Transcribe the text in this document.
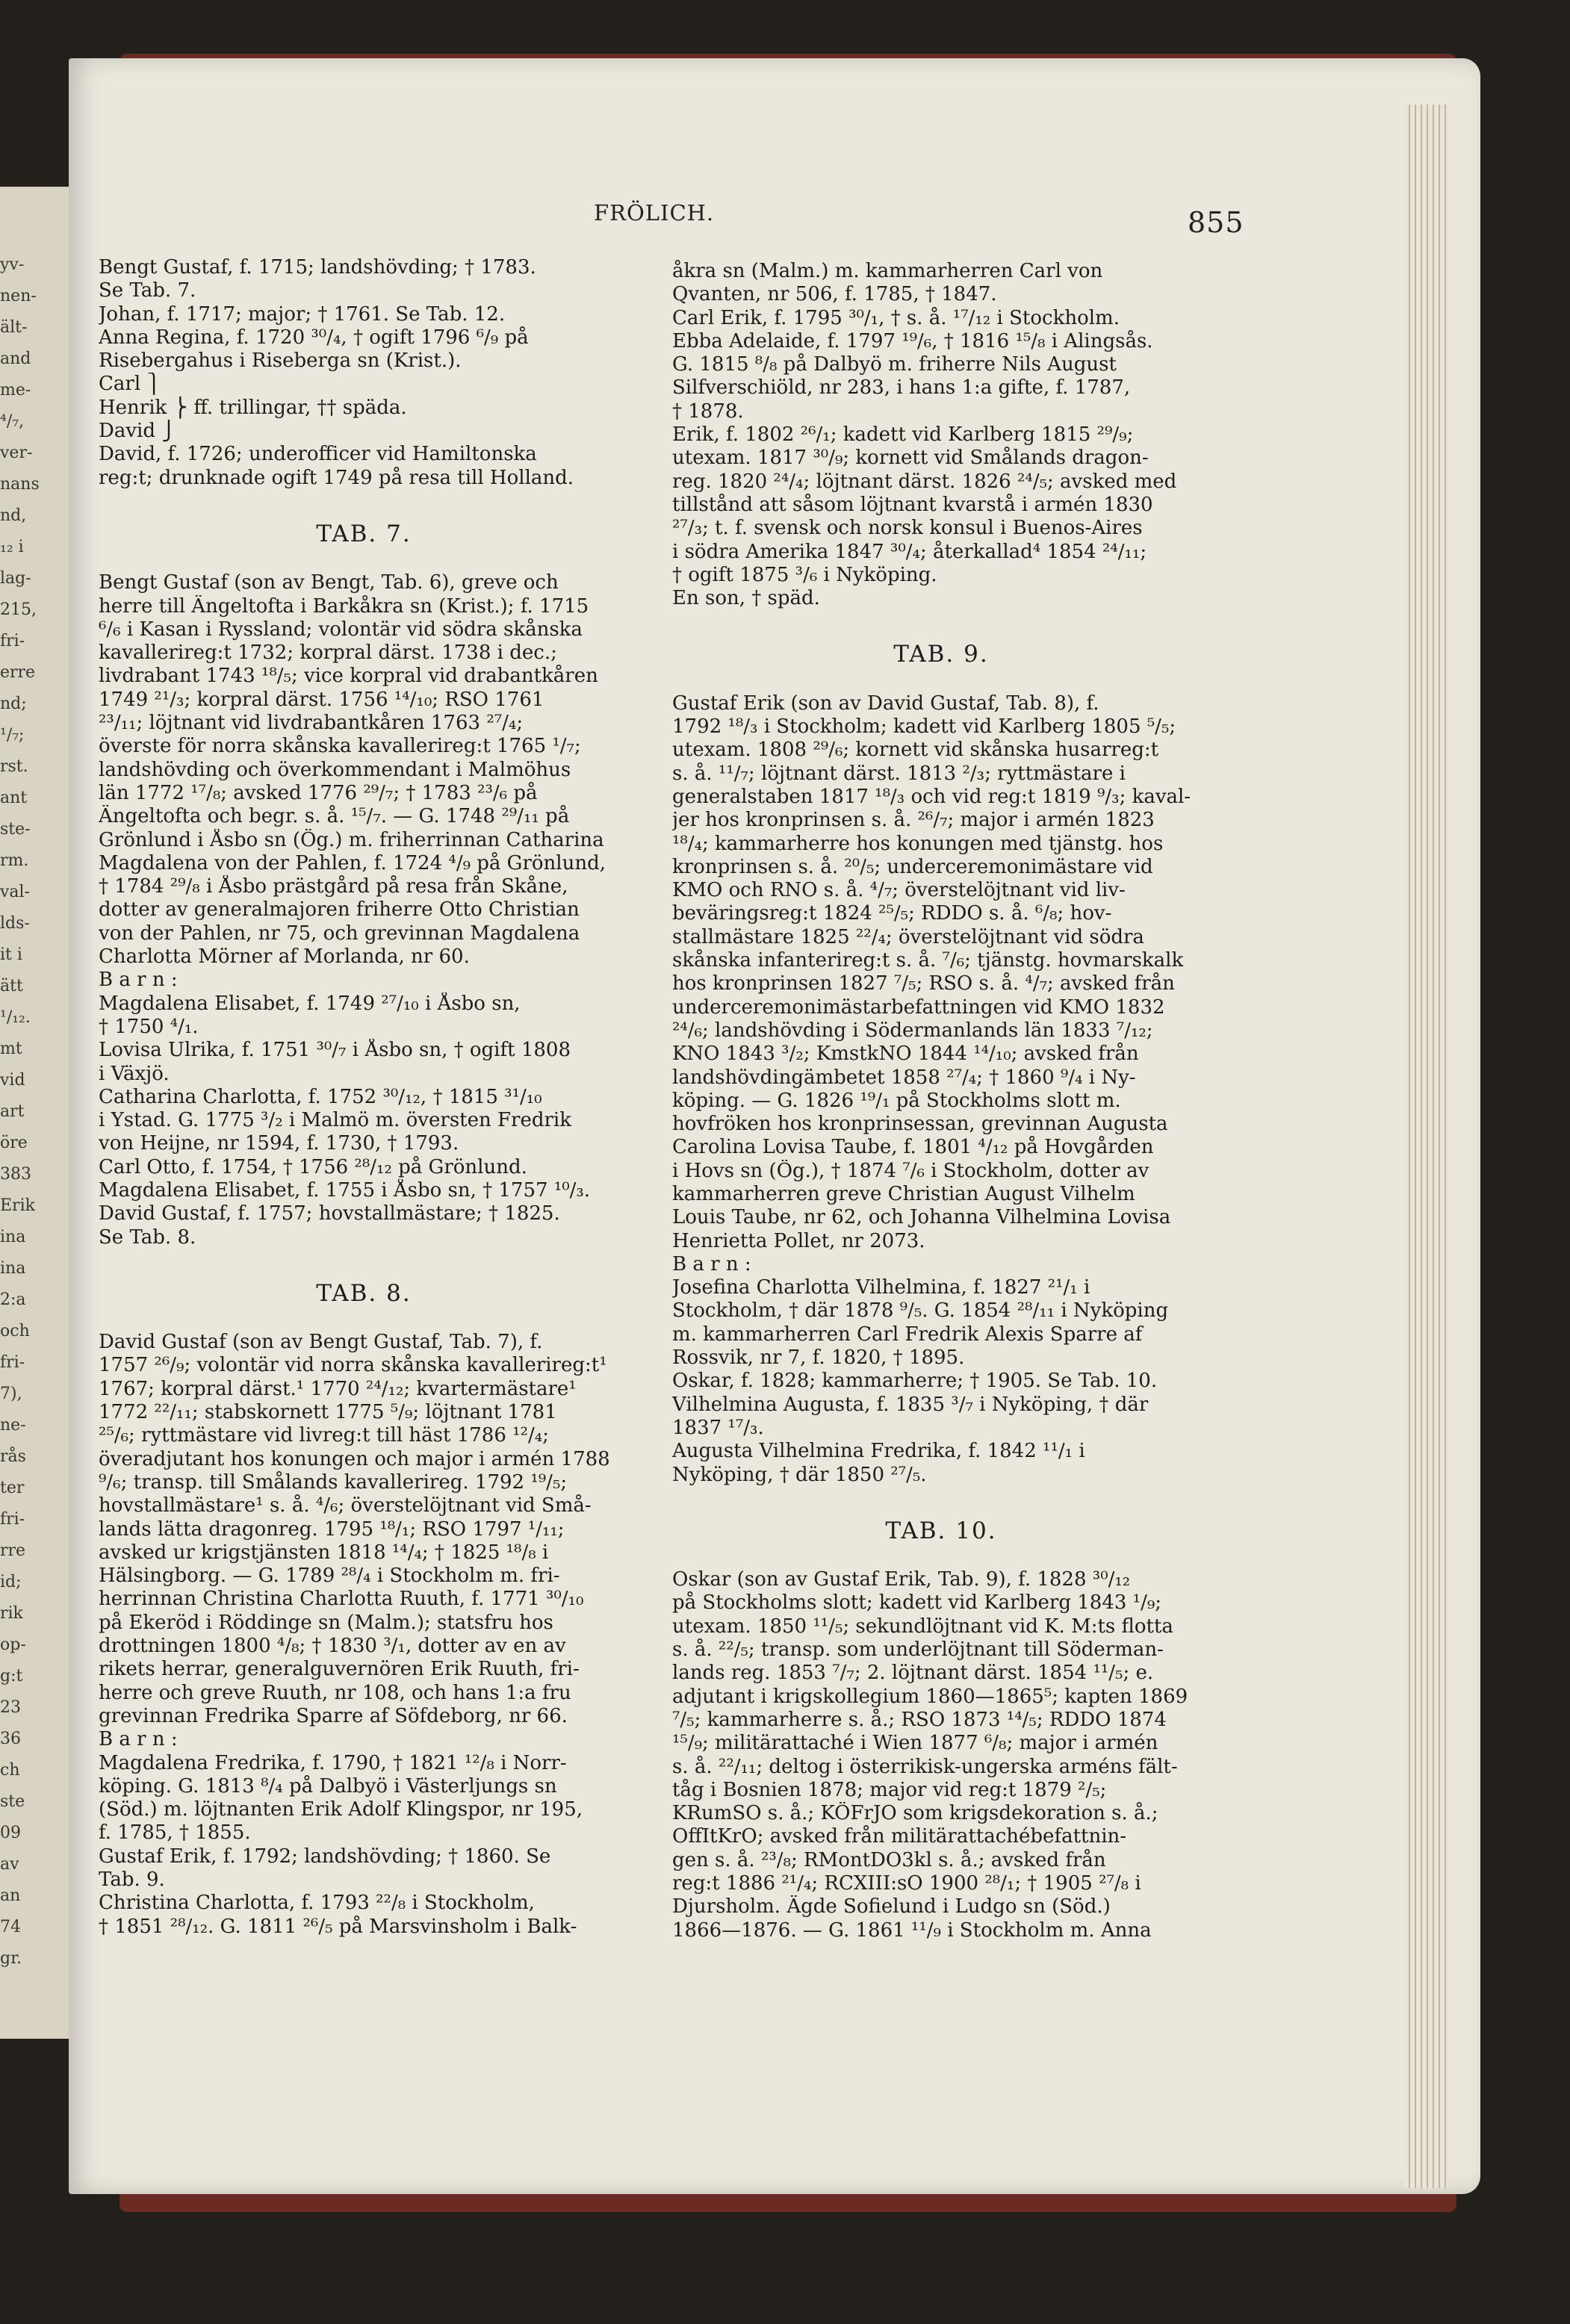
yv-
nen-
ält-
and
me-
⁴/₇,
ver-
nans
nd,
₁₂ i
lag-
215,
fri-
erre
nd;
¹/₇;
rst.
ant
ste-
rm.
val-
lds-
it i
ätt
¹/₁₂.
mt
vid
art
öre
383
Erik
ina
ina
2:a
och
fri-
7),
ne-
rås
ter
fri-
rre
id;
rik
op-
g:t
23
36
ch
ste
09
av
an
74
gr.
FRÖLICH.	855
Bengt Gustaf, f. 1715; landshövding; † 1783.
Se Tab. 7.
Johan, f. 1717; major; † 1761. Se Tab. 12.
Anna Regina, f. 1720 ³⁰/₄, † ogift 1796 ⁶/₉ på
Risebergahus i Riseberga sn (Krist.).
Carl ⎫
Henrik ⎬ ff. trillingar, †† späda.
David ⎭
David, f. 1726; underofficer vid Hamiltonska
reg:t; drunknade ogift 1749 på resa till Holland.
TAB. 7.
Bengt Gustaf (son av Bengt, Tab. 6), greve och
herre till Ängeltofta i Barkåkra sn (Krist.); f. 1715
⁶/₆ i Kasan i Ryssland; volontär vid södra skånska
kavallerireg:t 1732; korpral därst. 1738 i dec.;
livdrabant 1743 ¹⁸/₅; vice korpral vid drabantkåren
1749 ²¹/₃; korpral därst. 1756 ¹⁴/₁₀; RSO 1761
²³/₁₁; löjtnant vid livdrabantkåren 1763 ²⁷/₄;
överste för norra skånska kavallerireg:t 1765 ¹/₇;
landshövding och överkommendant i Malmöhus
län 1772 ¹⁷/₈; avsked 1776 ²⁹/₇; † 1783 ²³/₆ på
Ängeltofta och begr. s. å. ¹⁵/₇. — G. 1748 ²⁹/₁₁ på
Grönlund i Åsbo sn (Ög.) m. friherrinnan Catharina
Magdalena von der Pahlen, f. 1724 ⁴/₉ på Grönlund,
† 1784 ²⁹/₈ i Åsbo prästgård på resa från Skåne,
dotter av generalmajoren friherre Otto Christian
von der Pahlen, nr 75, och grevinnan Magdalena
Charlotta Mörner af Morlanda, nr 60.
B a r n :
Magdalena Elisabet, f. 1749 ²⁷/₁₀ i Åsbo sn,
† 1750 ⁴/₁.
Lovisa Ulrika, f. 1751 ³⁰/₇ i Åsbo sn, † ogift 1808
i Växjö.
Catharina Charlotta, f. 1752 ³⁰/₁₂, † 1815 ³¹/₁₀
i Ystad. G. 1775 ³/₂ i Malmö m. översten Fredrik
von Heijne, nr 1594, f. 1730, † 1793.
Carl Otto, f. 1754, † 1756 ²⁸/₁₂ på Grönlund.
Magdalena Elisabet, f. 1755 i Åsbo sn, † 1757 ¹⁰/₃.
David Gustaf, f. 1757; hovstallmästare; † 1825.
Se Tab. 8.
TAB. 8.
David Gustaf (son av Bengt Gustaf, Tab. 7), f.
1757 ²⁶/₉; volontär vid norra skånska kavallerireg:t¹
1767; korpral därst.¹ 1770 ²⁴/₁₂; kvartermästare¹
1772 ²²/₁₁; stabskornett 1775 ⁵/₉; löjtnant 1781
²⁵/₆; ryttmästare vid livreg:t till häst 1786 ¹²/₄;
överadjutant hos konungen och major i armén 1788
⁹/₆; transp. till Smålands kavallerireg. 1792 ¹⁹/₅;
hovstallmästare¹ s. å. ⁴/₆; överstelöjtnant vid Små-
lands lätta dragonreg. 1795 ¹⁸/₁; RSO 1797 ¹/₁₁;
avsked ur krigstjänsten 1818 ¹⁴/₄; † 1825 ¹⁸/₈ i
Hälsingborg. — G. 1789 ²⁸/₄ i Stockholm m. fri-
herrinnan Christina Charlotta Ruuth, f. 1771 ³⁰/₁₀
på Ekeröd i Röddinge sn (Malm.); statsfru hos
drottningen 1800 ⁴/₈; † 1830 ³/₁, dotter av en av
rikets herrar, generalguvernören Erik Ruuth, fri-
herre och greve Ruuth, nr 108, och hans 1:a fru
grevinnan Fredrika Sparre af Söfdeborg, nr 66.
B a r n :
Magdalena Fredrika, f. 1790, † 1821 ¹²/₈ i Norr-
köping. G. 1813 ⁸/₄ på Dalbyö i Västerljungs sn
(Söd.) m. löjtnanten Erik Adolf Klingspor, nr 195,
f. 1785, † 1855.
Gustaf Erik, f. 1792; landshövding; † 1860. Se
Tab. 9.
Christina Charlotta, f. 1793 ²²/₈ i Stockholm,
† 1851 ²⁸/₁₂. G. 1811 ²⁶/₅ på Marsvinsholm i Balk-
åkra sn (Malm.) m. kammarherren Carl von
Qvanten, nr 506, f. 1785, † 1847.
Carl Erik, f. 1795 ³⁰/₁, † s. å. ¹⁷/₁₂ i Stockholm.
Ebba Adelaide, f. 1797 ¹⁹/₆, † 1816 ¹⁵/₈ i Alingsås.
G. 1815 ⁸/₈ på Dalbyö m. friherre Nils August
Silfverschiöld, nr 283, i hans 1:a gifte, f. 1787,
† 1878.
Erik, f. 1802 ²⁶/₁; kadett vid Karlberg 1815 ²⁹/₉;
utexam. 1817 ³⁰/₉; kornett vid Smålands dragon-
reg. 1820 ²⁴/₄; löjtnant därst. 1826 ²⁴/₅; avsked med
tillstånd att såsom löjtnant kvarstå i armén 1830
²⁷/₃; t. f. svensk och norsk konsul i Buenos-Aires
i södra Amerika 1847 ³⁰/₄; återkallad⁴ 1854 ²⁴/₁₁;
† ogift 1875 ³/₆ i Nyköping.
En son, † späd.
TAB. 9.
Gustaf Erik (son av David Gustaf, Tab. 8), f.
1792 ¹⁸/₃ i Stockholm; kadett vid Karlberg 1805 ⁵/₅;
utexam. 1808 ²⁹/₆; kornett vid skånska husarreg:t
s. å. ¹¹/₇; löjtnant därst. 1813 ²/₃; ryttmästare i
generalstaben 1817 ¹⁸/₃ och vid reg:t 1819 ⁹/₃; kaval-
jer hos kronprinsen s. å. ²⁶/₇; major i armén 1823
¹⁸/₄; kammarherre hos konungen med tjänstg. hos
kronprinsen s. å. ²⁰/₅; underceremonimästare vid
KMO och RNO s. å. ⁴/₇; överstelöjtnant vid liv-
beväringsreg:t 1824 ²⁵/₅; RDDO s. å. ⁶/₈; hov-
stallmästare 1825 ²²/₄; överstelöjtnant vid södra
skånska infanterireg:t s. å. ⁷/₆; tjänstg. hovmarskalk
hos kronprinsen 1827 ⁷/₅; RSO s. å. ⁴/₇; avsked från
underceremonimästarbefattningen vid KMO 1832
²⁴/₆; landshövding i Södermanlands län 1833 ⁷/₁₂;
KNO 1843 ³/₂; KmstkNO 1844 ¹⁴/₁₀; avsked från
landshövdingämbetet 1858 ²⁷/₄; † 1860 ⁹/₄ i Ny-
köping. — G. 1826 ¹⁹/₁ på Stockholms slott m.
hovfröken hos kronprinsessan, grevinnan Augusta
Carolina Lovisa Taube, f. 1801 ⁴/₁₂ på Hovgården
i Hovs sn (Ög.), † 1874 ⁷/₆ i Stockholm, dotter av
kammarherren greve Christian August Vilhelm
Louis Taube, nr 62, och Johanna Vilhelmina Lovisa
Henrietta Pollet, nr 2073.
B a r n :
Josefina Charlotta Vilhelmina, f. 1827 ²¹/₁ i
Stockholm, † där 1878 ⁹/₅. G. 1854 ²⁸/₁₁ i Nyköping
m. kammarherren Carl Fredrik Alexis Sparre af
Rossvik, nr 7, f. 1820, † 1895.
Oskar, f. 1828; kammarherre; † 1905. Se Tab. 10.
Vilhelmina Augusta, f. 1835 ³/₇ i Nyköping, † där
1837 ¹⁷/₃.
Augusta Vilhelmina Fredrika, f. 1842 ¹¹/₁ i
Nyköping, † där 1850 ²⁷/₅.
TAB. 10.
Oskar (son av Gustaf Erik, Tab. 9), f. 1828 ³⁰/₁₂
på Stockholms slott; kadett vid Karlberg 1843 ¹/₉;
utexam. 1850 ¹¹/₅; sekundlöjtnant vid K. M:ts flotta
s. å. ²²/₅; transp. som underlöjtnant till Söderman-
lands reg. 1853 ⁷/₇; 2. löjtnant därst. 1854 ¹¹/₅; e.
adjutant i krigskollegium 1860—1865⁵; kapten 1869
⁷/₅; kammarherre s. å.; RSO 1873 ¹⁴/₅; RDDO 1874
¹⁵/₉; militärattaché i Wien 1877 ⁶/₈; major i armén
s. å. ²²/₁₁; deltog i österrikisk-ungerska arméns fält-
tåg i Bosnien 1878; major vid reg:t 1879 ²/₅;
KRumSO s. å.; KÖFrJO som krigsdekoration s. å.;
OffItKrO; avsked från militärattachébefattnin-
gen s. å. ²³/₈; RMontDO3kl s. å.; avsked från
reg:t 1886 ²¹/₄; RCXIII:sO 1900 ²⁸/₁; † 1905 ²⁷/₈ i
Djursholm. Ägde Sofielund i Ludgo sn (Söd.)
1866—1876. — G. 1861 ¹¹/₉ i Stockholm m. Anna
